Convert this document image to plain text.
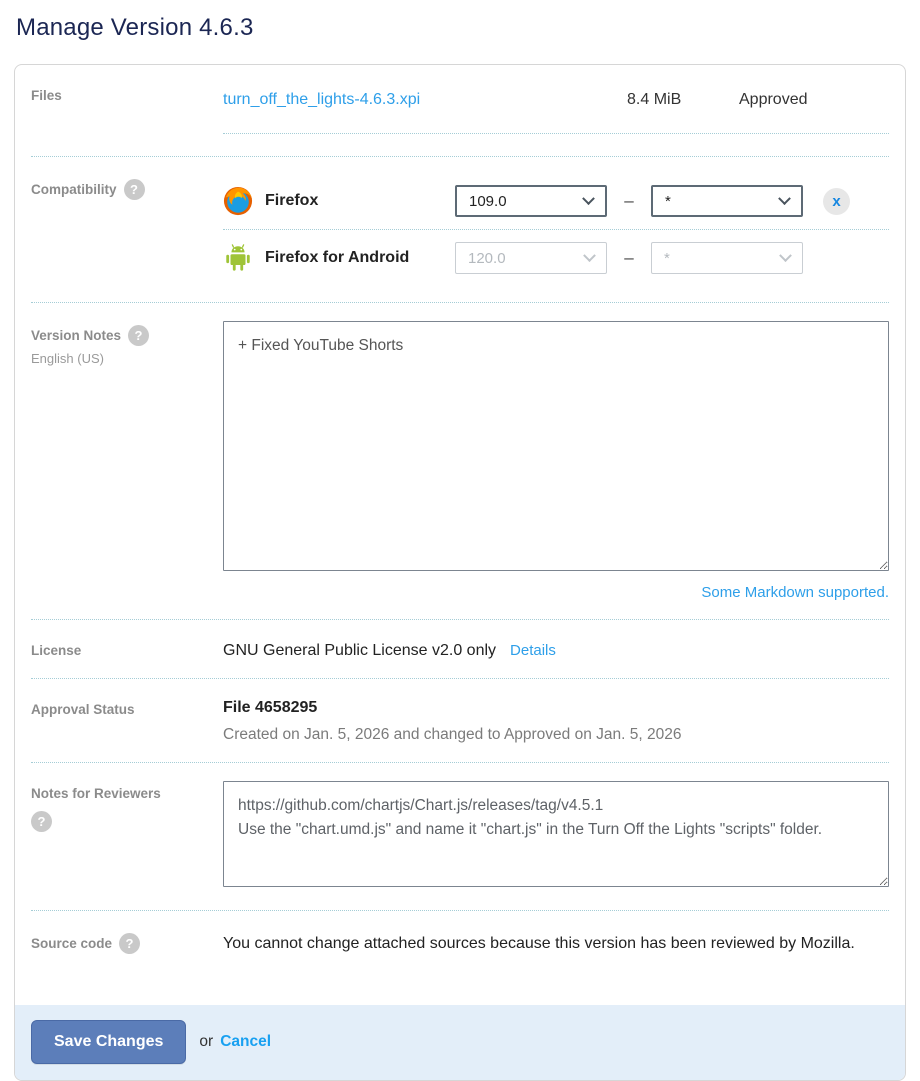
Manage Version 4.6.3
Files	turn_off_the_lights-4.6.3.xpi	8.4 MiB	Approved
Compatibility ?
Firefox	109.0	–	*	x
Firefox for Android	120.0	–	*
Version Notes ?
English (US)
+ Fixed YouTube Shorts
Some Markdown supported.
License	GNU General Public License v2.0 only Details
Approval Status	File 4658295
Created on Jan. 5, 2026 and changed to Approved on Jan. 5, 2026
Notes for Reviewers
?
https://github.com/chartjs/Chart.js/releases/tag/v4.5.1 Use the "chart.umd.js" and name it "chart.js" in the Turn Off the Lights "scripts" folder.
Source code ?	You cannot change attached sources because this version has been reviewed by Mozilla.
Save Changes	or Cancel
